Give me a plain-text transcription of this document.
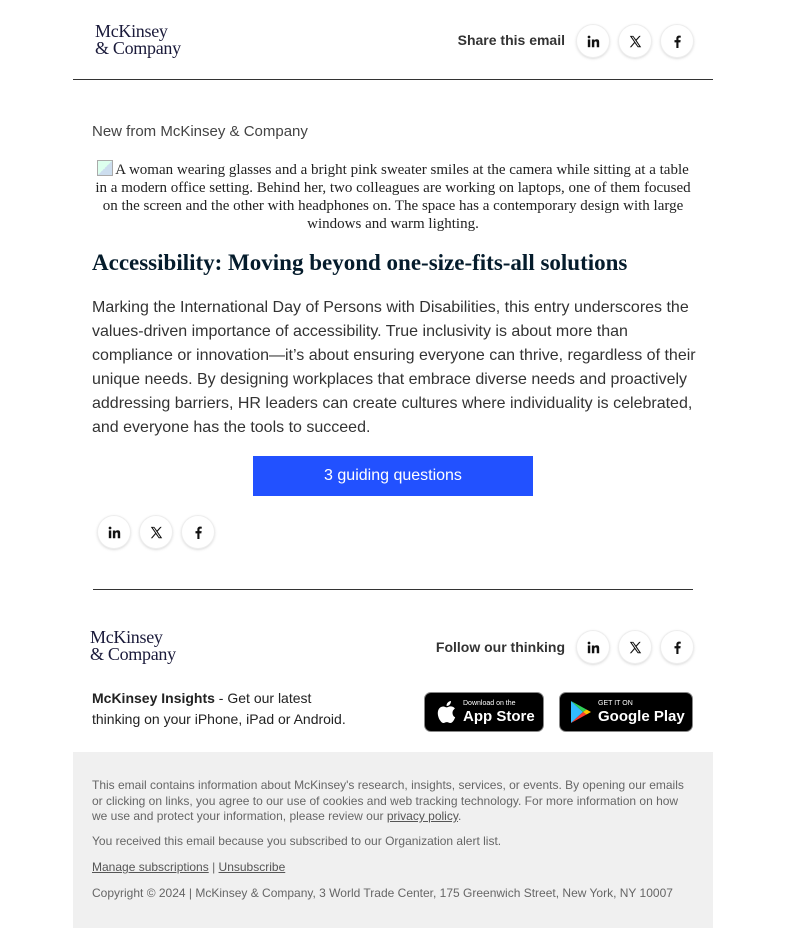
McKinsey
& Company	Share this email
New from McKinsey & Company
A woman wearing glasses and a bright pink sweater smiles at the camera while sitting at a table in a modern office setting. Behind her, two colleagues are working on laptops, one of them focused on the screen and the other with headphones on. The space has a contemporary design with large windows and warm lighting.
Accessibility: Moving beyond one-size-fits-all solutions
Marking the International Day of Persons with Disabilities, this entry underscores the values-driven importance of accessibility. True inclusivity is about more than compliance or innovation—it’s about ensuring everyone can thrive, regardless of their unique needs. By designing workplaces that embrace diverse needs and proactively addressing barriers, HR leaders can create cultures where individuality is celebrated, and everyone has the tools to succeed.
3 guiding questions
McKinsey
& Company	Follow our thinking
McKinsey Insights - Get our latest thinking on your iPhone, iPad or Android.
Download on the
App Store
GET IT ON
Google Play

This email contains information about McKinsey's research, insights, services, or events. By opening our emails or clicking on links, you agree to our use of cookies and web tracking technology. For more information on how we use and protect your information, please review our privacy policy.

You received this email because you subscribed to our Organization alert list.

Manage subscriptions | Unsubscribe

Copyright © 2024 | McKinsey & Company, 3 World Trade Center, 175 Greenwich Street, New York, NY 10007
